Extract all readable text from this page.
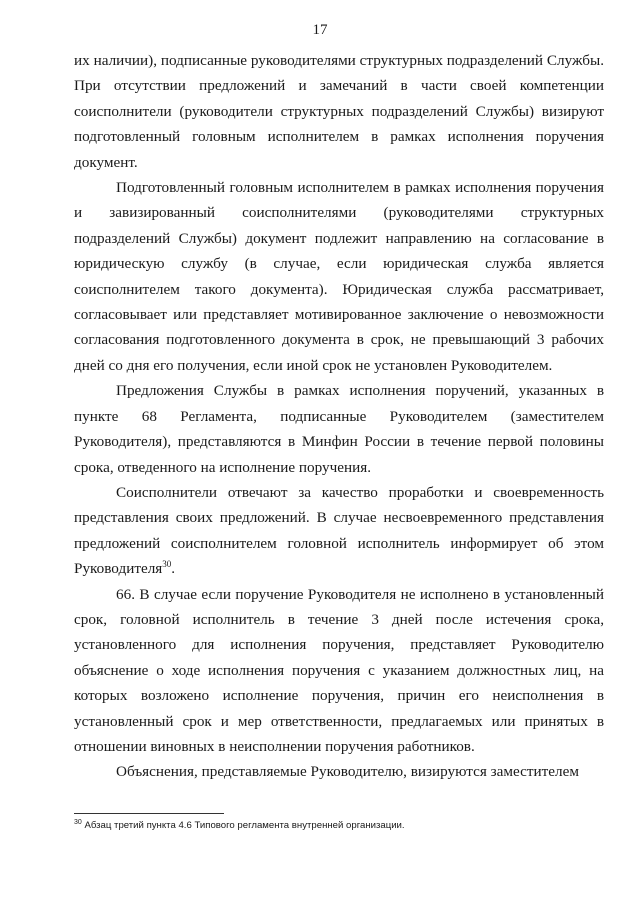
17

их наличии), подписанные руководителями структурных подразделений Службы. При отсутствии предложений и замечаний в части своей компетенции соисполнители (руководители структурных подразделений Службы) визируют подготовленный головным исполнителем в рамках исполнения поручения документ.

Подготовленный головным исполнителем в рамках исполнения поручения и завизированный соисполнителями (руководителями структурных подразделений Службы) документ подлежит направлению на согласование в юридическую службу (в случае, если юридическая служба является соисполнителем такого документа). Юридическая служба рассматривает, согласовывает или представляет мотивированное заключение о невозможности согласования подготовленного документа в срок, не превышающий 3 рабочих дней со дня его получения, если иной срок не установлен Руководителем.

Предложения Службы в рамках исполнения поручений, указанных в пункте 68 Регламента, подписанные Руководителем (заместителем Руководителя), представляются в Минфин России в течение первой половины срока, отведенного на исполнение поручения.

Соисполнители отвечают за качество проработки и своевременность представления своих предложений. В случае несвоевременного представления предложений соисполнителем головной исполнитель информирует об этом Руководителя$^{30}$.

66. В случае если поручение Руководителя не исполнено в установленный срок, головной исполнитель в течение 3 дней после истечения срока, установленного для исполнения поручения, представляет Руководителю объяснение о ходе исполнения поручения с указанием должностных лиц, на которых возложено исполнение поручения, причин его неисполнения в установленный срок и мер ответственности, предлагаемых или принятых в отношении виновных в неисполнении поручения работников.

Объяснения, представляемые Руководителю, визируются заместителем

$^{30}$ Абзац третий пункта 4.6 Типового регламента внутренней организации.
